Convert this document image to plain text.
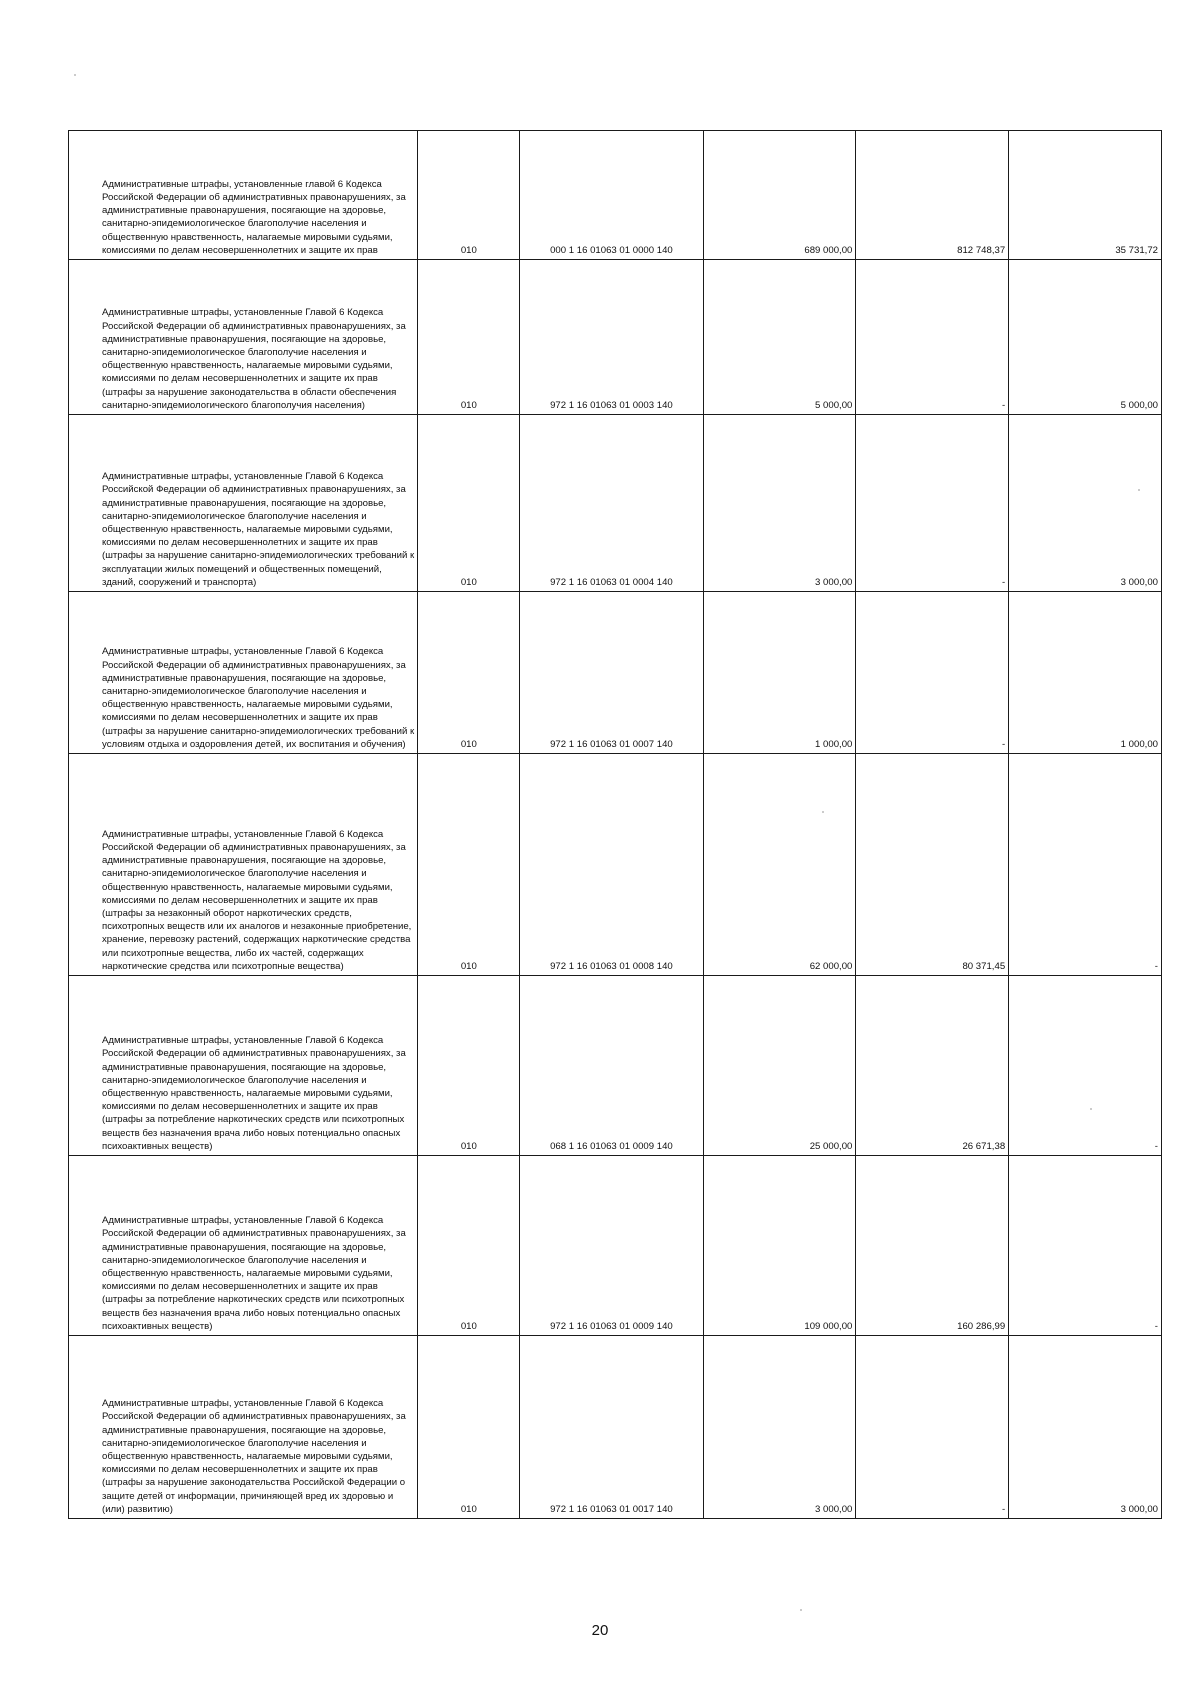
Административные штрафы, установленные главой 6 Кодекса Российской Федерации об административных правонарушениях, за административные правонарушения, посягающие на здоровье, санитарно-эпидемиологическое благополучие населения и общественную нравственность, налагаемые мировыми судьями, комиссиями по делам несовершеннолетних и защите их прав	010	000 1 16 01063 01 0000 140	689 000,00	812 748,37	35 731,72

Административные штрафы, установленные Главой 6 Кодекса Российской Федерации об административных правонарушениях, за административные правонарушения, посягающие на здоровье, санитарно-эпидемиологическое благополучие населения и общественную нравственность, налагаемые мировыми судьями, комиссиями по делам несовершеннолетних и защите их прав (штрафы за нарушение законодательства в области обеспечения санитарно-эпидемиологического благополучия населения)	010	972 1 16 01063 01 0003 140	5 000,00	-	5 000,00

Административные штрафы, установленные Главой 6 Кодекса Российской Федерации об административных правонарушениях, за административные правонарушения, посягающие на здоровье, санитарно-эпидемиологическое благополучие населения и общественную нравственность, налагаемые мировыми судьями, комиссиями по делам несовершеннолетних и защите их прав (штрафы за нарушение санитарно-эпидемиологических требований к эксплуатации жилых помещений и общественных помещений, зданий, сооружений и транспорта)	010	972 1 16 01063 01 0004 140	3 000,00	-	3 000,00

Административные штрафы, установленные Главой 6 Кодекса Российской Федерации об административных правонарушениях, за административные правонарушения, посягающие на здоровье, санитарно-эпидемиологическое благополучие населения и общественную нравственность, налагаемые мировыми судьями, комиссиями по делам несовершеннолетних и защите их прав (штрафы за нарушение санитарно-эпидемиологических требований к условиям отдыха и оздоровления детей, их воспитания и обучения)	010	972 1 16 01063 01 0007 140	1 000,00	-	1 000,00

Административные штрафы, установленные Главой 6 Кодекса Российской Федерации об административных правонарушениях, за административные правонарушения, посягающие на здоровье, санитарно-эпидемиологическое благополучие населения и общественную нравственность, налагаемые мировыми судьями, комиссиями по делам несовершеннолетних и защите их прав (штрафы за незаконный оборот наркотических средств, психотропных веществ или их аналогов и незаконные приобретение, хранение, перевозку растений, содержащих наркотические средства или психотропные вещества, либо их частей, содержащих наркотические средства или психотропные вещества)	010	972 1 16 01063 01 0008 140	62 000,00	80 371,45	-

Административные штрафы, установленные Главой 6 Кодекса Российской Федерации об административных правонарушениях, за административные правонарушения, посягающие на здоровье, санитарно-эпидемиологическое благополучие населения и общественную нравственность, налагаемые мировыми судьями, комиссиями по делам несовершеннолетних и защите их прав (штрафы за потребление наркотических средств или психотропных веществ без назначения врача либо новых потенциально опасных психоактивных веществ)	010	068 1 16 01063 01 0009 140	25 000,00	26 671,38	-

Административные штрафы, установленные Главой 6 Кодекса Российской Федерации об административных правонарушениях, за административные правонарушения, посягающие на здоровье, санитарно-эпидемиологическое благополучие населения и общественную нравственность, налагаемые мировыми судьями, комиссиями по делам несовершеннолетних и защите их прав (штрафы за потребление наркотических средств или психотропных веществ без назначения врача либо новых потенциально опасных психоактивных веществ)	010	972 1 16 01063 01 0009 140	109 000,00	160 286,99	-

Административные штрафы, установленные Главой 6 Кодекса Российской Федерации об административных правонарушениях, за административные правонарушения, посягающие на здоровье, санитарно-эпидемиологическое благополучие населения и общественную нравственность, налагаемые мировыми судьями, комиссиями по делам несовершеннолетних и защите их прав (штрафы за нарушение законодательства Российской Федерации о защите детей от информации, причиняющей вред их здоровью и (или) развитию)	010	972 1 16 01063 01 0017 140	3 000,00	-	3 000,00
20
